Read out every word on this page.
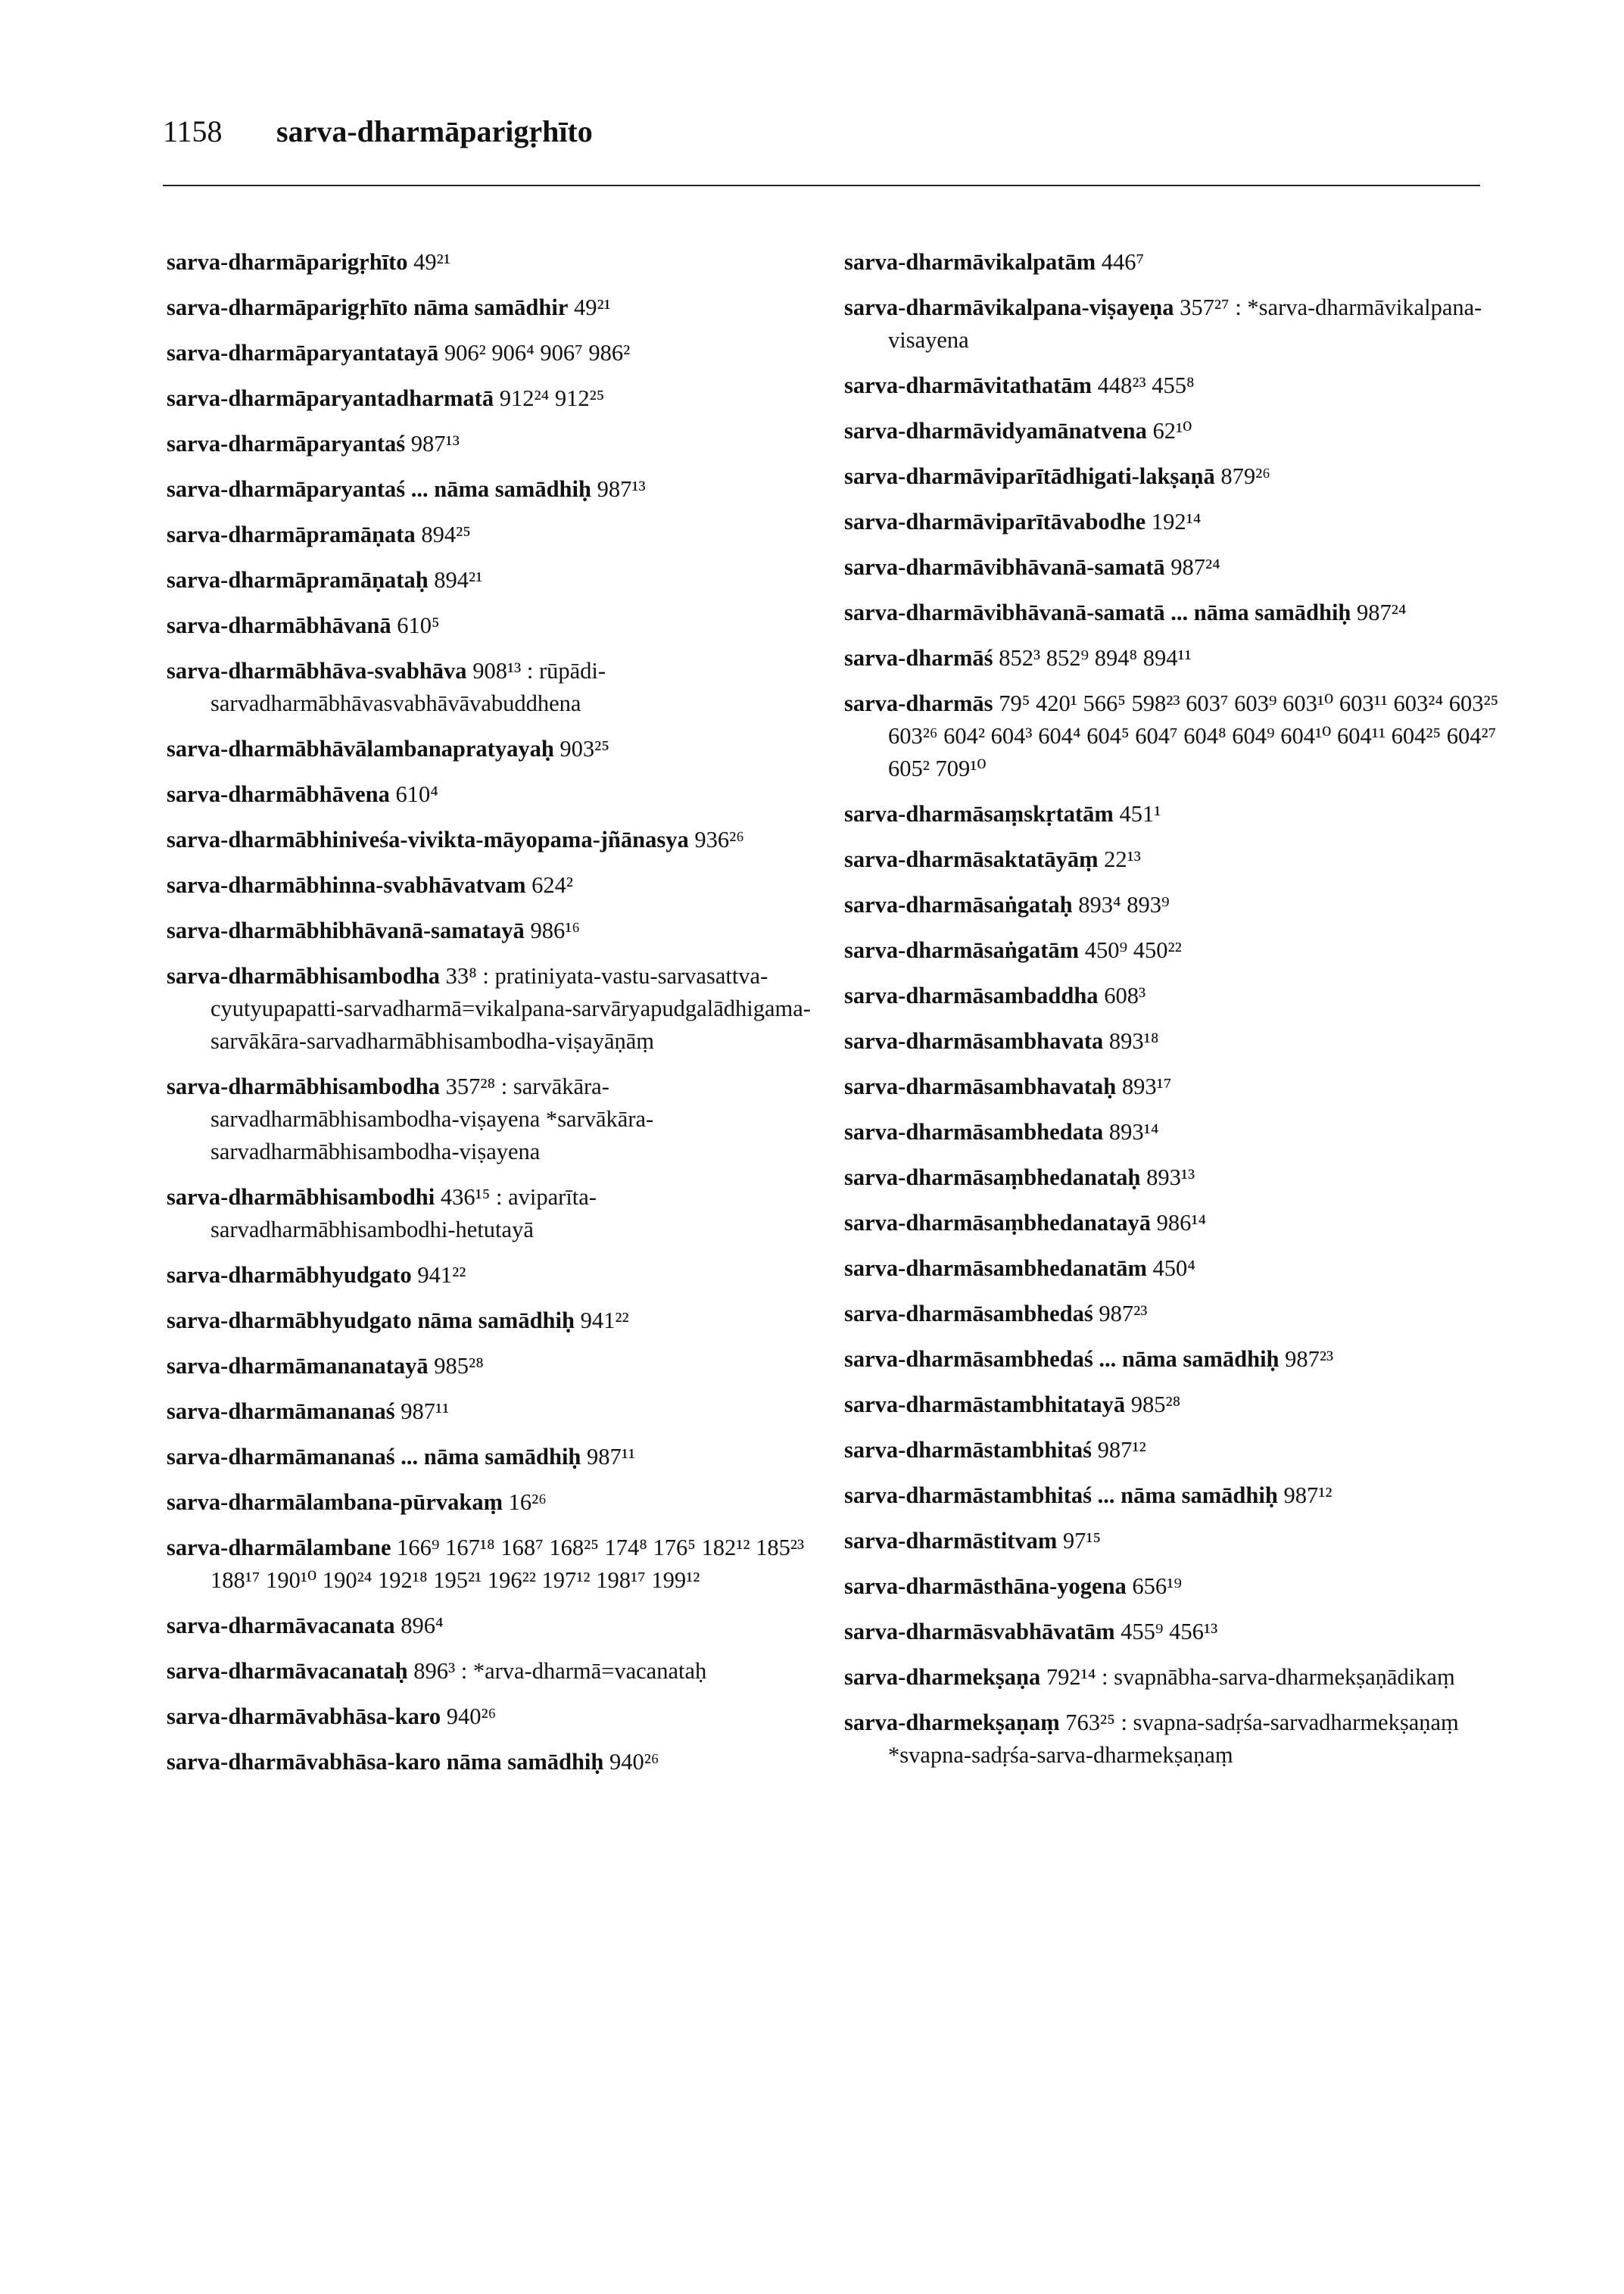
1158 sarva-dharmāparigṛhīto
sarva-dharmāparigṛhīto 49²¹
sarva-dharmāparigṛhīto nāma samādhir 49²¹
sarva-dharmāparyantatayā 906² 906⁴ 906⁷ 986²
sarva-dharmāparyantadharmatā 912²⁴ 912²⁵
sarva-dharmāparyantaś 987¹³
sarva-dharmāparyantaś ... nāma samādhiḥ 987¹³
sarva-dharmāpramāṇata 894²⁵
sarva-dharmāpramāṇataḥ 894²¹
sarva-dharmābhāvanā 610⁵
sarva-dharmābhāva-svabhāva 908¹³ : rūpādi-sarvadharmābhāvasvabhāvāvabuddhena
sarva-dharmābhāvālambanapratyayaḥ 903²⁵
sarva-dharmābhāvena 610⁴
sarva-dharmābhiniveśa-vivikta-māyopama-jñānasya 936²⁶
sarva-dharmābhinna-svabhāvatvam 624²
sarva-dharmābhibhāvanā-samatayā 986¹⁶
sarva-dharmābhisambodha 33⁸ : pratiniyata-vastu-sarvasattva-cyutyupapatti-sarvadharmā=vikalpana-sarvāryapudgalādhigama-sarvākāra-sarvadharmābhisambodha-viṣayāṇāṃ
sarva-dharmābhisambodha 357²⁸ : sarvākāra-sarvadharmābhisambodha-viṣayena *sarvākāra-sarvadharmābhisambodha-viṣayena
sarva-dharmābhisambodhi 436¹⁵ : aviparīta-sarvadharmābhisambodhi-hetutayā
sarva-dharmābhyudgato 941²²
sarva-dharmābhyudgato nāma samādhiḥ 941²²
sarva-dharmāmananatayā 985²⁸
sarva-dharmāmananaś 987¹¹
sarva-dharmāmananaś ... nāma samādhiḥ 987¹¹
sarva-dharmālambana-pūrvakaṃ 16²⁶
sarva-dharmālambane 166⁹ 167¹⁸ 168⁷ 168²⁵ 174⁸ 176⁵ 182¹² 185²³ 188¹⁷ 190¹⁰ 190²⁴ 192¹⁸ 195²¹ 196²² 197¹² 198¹⁷ 199¹²
sarva-dharmāvacanata 896⁴
sarva-dharmāvacanataḥ 896³ : *arva-dharmā=vacanataḥ
sarva-dharmāvabhāsa-karo 940²⁶
sarva-dharmāvabhāsa-karo nāma samādhiḥ 940²⁶
sarva-dharmāvikalpatām 446⁷
sarva-dharmāvikalpana-viṣayeṇa 357²⁷ : *sarva-dharmāvikalpana-visayena
sarva-dharmāvitathatām 448²³ 455⁸
sarva-dharmāvidyamānatvena 62¹⁰
sarva-dharmāviparītādhigati-lakṣaṇā 879²⁶
sarva-dharmāviparītāvabodhe 192¹⁴
sarva-dharmāvibhāvanā-samatā 987²⁴
sarva-dharmāvibhāvanā-samatā ... nāma samādhiḥ 987²⁴
sarva-dharmāś 852³ 852⁹ 894⁸ 894¹¹
sarva-dharmās 79⁵ 420¹ 566⁵ 598²³ 603⁷ 603⁹ 603¹⁰ 603¹¹ 603²⁴ 603²⁵ 603²⁶ 604² 604³ 604⁴ 604⁵ 604⁷ 604⁸ 604⁹ 604¹⁰ 604¹¹ 604²⁵ 604²⁷ 605² 709¹⁰
sarva-dharmāsaṃskṛtatām 451¹
sarva-dharmāsaktatāyāṃ 22¹³
sarva-dharmāsaṅgataḥ 893⁴ 893⁹
sarva-dharmāsaṅgatām 450⁹ 450²²
sarva-dharmāsambaddha 608³
sarva-dharmāsambhavata 893¹⁸
sarva-dharmāsambhavataḥ 893¹⁷
sarva-dharmāsambhedata 893¹⁴
sarva-dharmāsaṃbhedanataḥ 893¹³
sarva-dharmāsaṃbhedanatayā 986¹⁴
sarva-dharmāsambhedanatām 450⁴
sarva-dharmāsambhedaś 987²³
sarva-dharmāsambhedaś ... nāma samādhiḥ 987²³
sarva-dharmāstambhitatayā 985²⁸
sarva-dharmāstambhitaś 987¹²
sarva-dharmāstambhitaś ... nāma samādhiḥ 987¹²
sarva-dharmāstitvam 97¹⁵
sarva-dharmāsthāna-yogena 656¹⁹
sarva-dharmāsvabhāvatām 455⁹ 456¹³
sarva-dharmekṣaṇa 792¹⁴ : svapnābha-sarva-dharmekṣaṇādikaṃ
sarva-dharmekṣaṇaṃ 763²⁵ : svapna-sadṛśa-sarvadharmekṣaṇaṃ *svapna-sadṛśa-sarva-dharmekṣaṇaṃ
